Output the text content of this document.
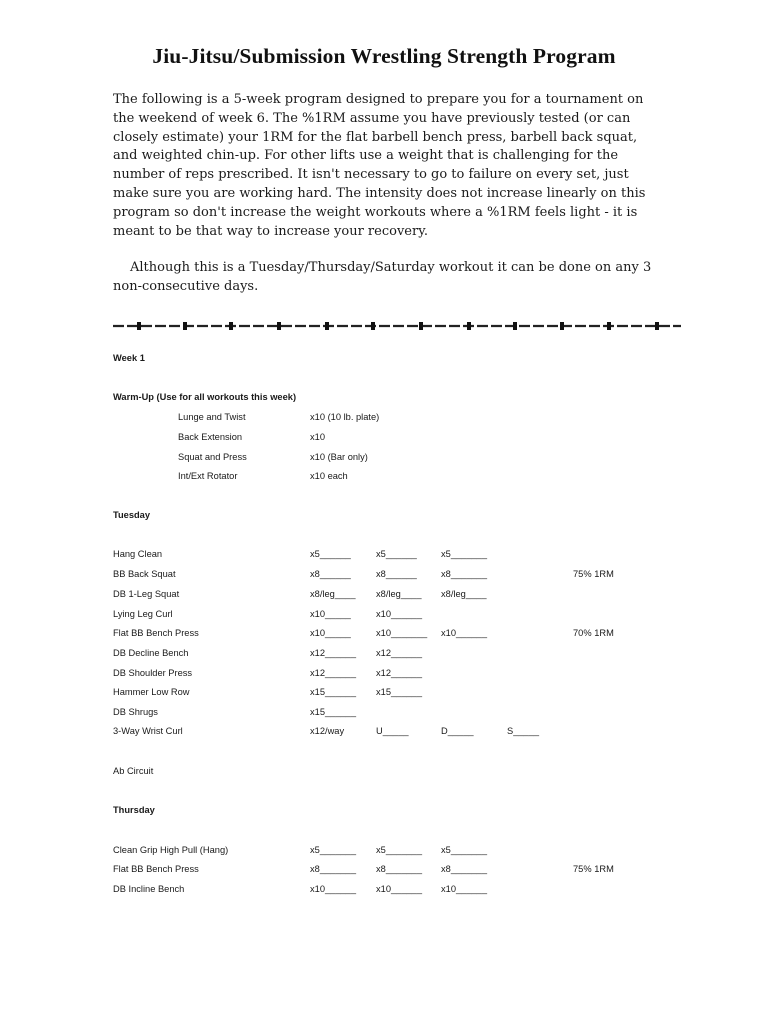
Jiu-Jitsu/Submission Wrestling Strength Program

The following is a 5-week program designed to prepare you for a tournament on the weekend of week 6. The %1RM assume you have previously tested (or can closely estimate) your 1RM for the flat barbell bench press, barbell back squat, and weighted chin-up. For other lifts use a weight that is challenging for the number of reps prescribed. It isn't necessary to go to failure on every set, just make sure you are working hard. The intensity does not increase linearly on this program so don't increase the weight workouts where a %1RM feels light - it is meant to be that way to increase your recovery.

Although this is a Tuesday/Thursday/Saturday workout it can be done on any 3 non-consecutive days.

Week 1
Warm-Up (Use for all workouts this week)
Lunge and Twist	x10 (10 lb. plate)
Back Extension	x10
Squat and Press	x10 (Bar only)
Int/Ext Rotator	x10 each
Tuesday
Hang Clean	x5______	x5______	x5_______
BB Back Squat	x8______	x8______	x8_______	75% 1RM
DB 1-Leg Squat	x8/leg____ x8/leg____ x8/leg____
Lying Leg Curl	x10_____	x10______
Flat BB Bench Press	x10_____	x10_______ x10______	70% 1RM
DB Decline Bench	x12______ x12______
DB Shoulder Press	x12______ x12______
Hammer Low Row	x15______ x15______
DB Shrugs	x15______
3-Way Wrist Curl	x12/way	U_____	D_____	S_____
Ab Circuit
Thursday
Clean Grip High Pull (Hang)	x5_______ x5_______ x5_______
Flat BB Bench Press	x8_______ x8_______ x8_______	75% 1RM
DB Incline Bench	x10______ x10______ x10______
